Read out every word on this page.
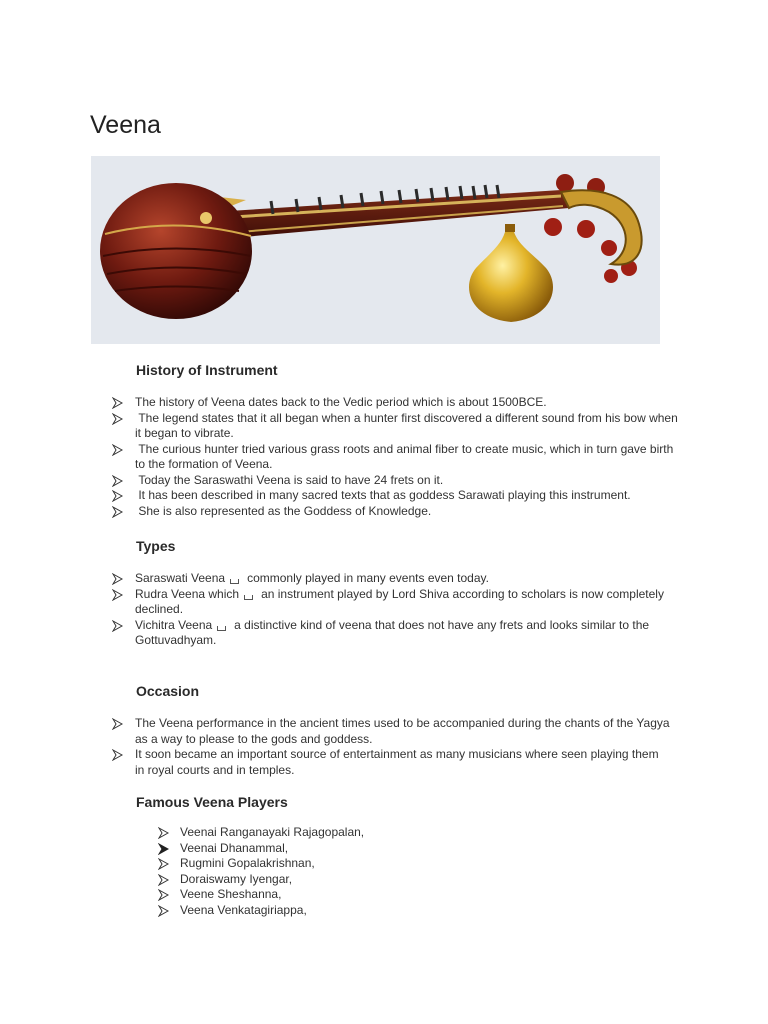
Veena
History of Instrument
The history of Veena dates back to the Vedic period which is about 1500BCE.
The legend states that it all began when a hunter first discovered a different sound from his bow when it began to vibrate.
The curious hunter tried various grass roots and animal fiber to create music, which in turn gave birth to the formation of Veena.
Today the Saraswathi Veena is said to have 24 frets on it.
It has been described in many sacred texts that as goddess Sarawati playing this instrument.
She is also represented as the Goddess of Knowledge.
Types
Saraswati Veena commonly played in many events even today.
Rudra Veena which an instrument played by Lord Shiva according to scholars is now completely declined.
Vichitra Veena a distinctive kind of veena that does not have any frets and looks similar to the Gottuvadhyam.
Occasion
The Veena performance in the ancient times used to be accompanied during the chants of the Yagya as a way to please to the gods and goddess.
It soon became an important source of entertainment as many musicians where seen playing them in royal courts and in temples.
Famous Veena Players
Veenai Ranganayaki Rajagopalan,
Veenai Dhanammal,
Rugmini Gopalakrishnan,
Doraiswamy Iyengar,
Veene Sheshanna,
Veena Venkatagiriappa,
